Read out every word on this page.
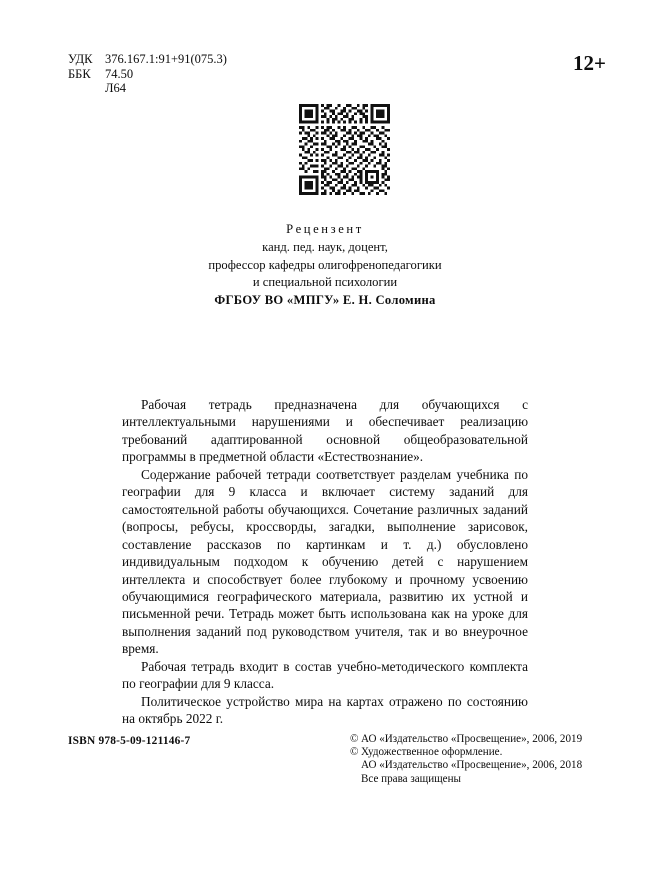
УДК 376.167.1:91+91(075.3)
ББК 74.50
Л64
12+
Рецензент
канд. пед. наук, доцент,
профессор кафедры олигофренопедагогики
и специальной психологии
ФГБОУ ВО «МПГУ» Е. Н. Соломина

Рабочая тетрадь предназначена для обучающихся с интеллектуальными нарушениями и обеспечивает реализацию требований адаптированной основной общеобразовательной программы в предметной области «Естествознание».

Содержание рабочей тетради соответствует разделам учебника по географии для 9 класса и включает систему заданий для самостоятельной работы обучающихся. Сочетание различных заданий (вопросы, ребусы, кроссворды, загадки, выполнение зарисовок, составление рассказов по картинкам и т. д.) обусловлено индивидуальным подходом к обучению детей с нарушением интеллекта и способствует более глубокому и прочному усвоению обучающимися географического материала, развитию их устной и письменной речи. Тетрадь может быть использована как на уроке для выполнения заданий под руководством учителя, так и во внеурочное время.

Рабочая тетрадь входит в состав учебно-методического комплекта по географии для 9 класса.

Политическое устройство мира на картах отражено по состоянию на октябрь 2022 г.

ISBN 978-5-09-121146-7	© АО «Издательство «Просвещение», 2006, 2019
© Художественное оформление.
АО «Издательство «Просвещение», 2006, 2018
Все права защищены
